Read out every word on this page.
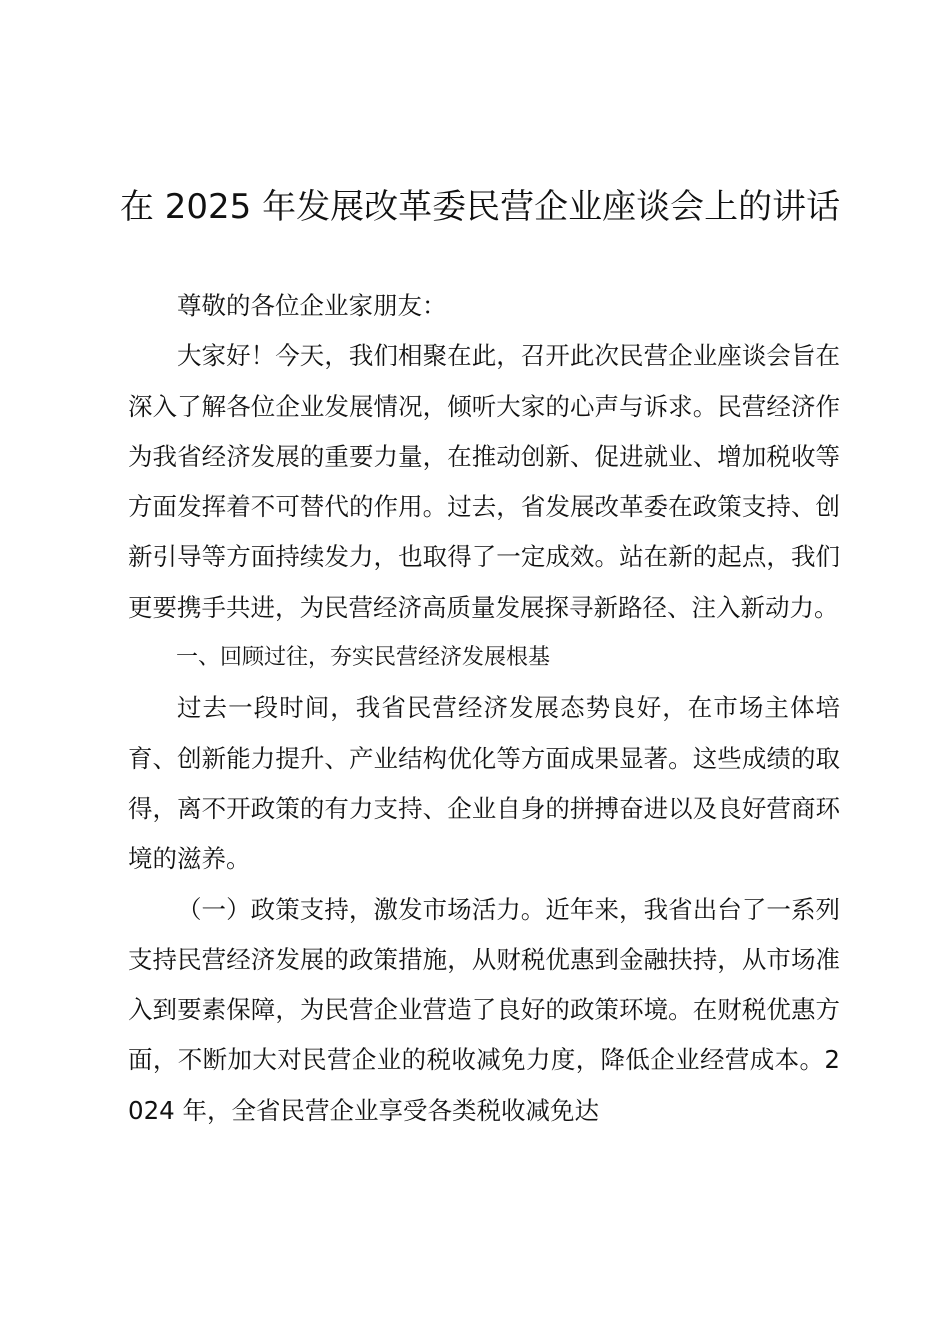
在 2025 年发展改革委民营企业座谈会上的讲话

尊敬的各位企业家朋友：

大家好！今天，我们相聚在此，召开此次民营企业座谈会旨在深入了解各位企业发展情况，倾听大家的心声与诉求。民营经济作为我省经济发展的重要力量，在推动创新、促进就业、增加税收等方面发挥着不可替代的作用。过去，省发展改革委在政策支持、创新引导等方面持续发力，也取得了一定成效。站在新的起点，我们更要携手共进，为民营经济高质量发展探寻新路径、注入新动力。

一、回顾过往，夯实民营经济发展根基

过去一段时间，我省民营经济发展态势良好，在市场主体培育、创新能力提升、产业结构优化等方面成果显著。这些成绩的取得，离不开政策的有力支持、企业自身的拼搏奋进以及良好营商环境的滋养。

（一）政策支持，激发市场活力。近年来，我省出台了一系列支持民营经济发展的政策措施，从财税优惠到金融扶持，从市场准入到要素保障，为民营企业营造了良好的政策环境。在财税优惠方面，不断加大对民营企业的税收减免力度，降低企业经营成本。2024 年，全省民营企业享受各类税收减免达
